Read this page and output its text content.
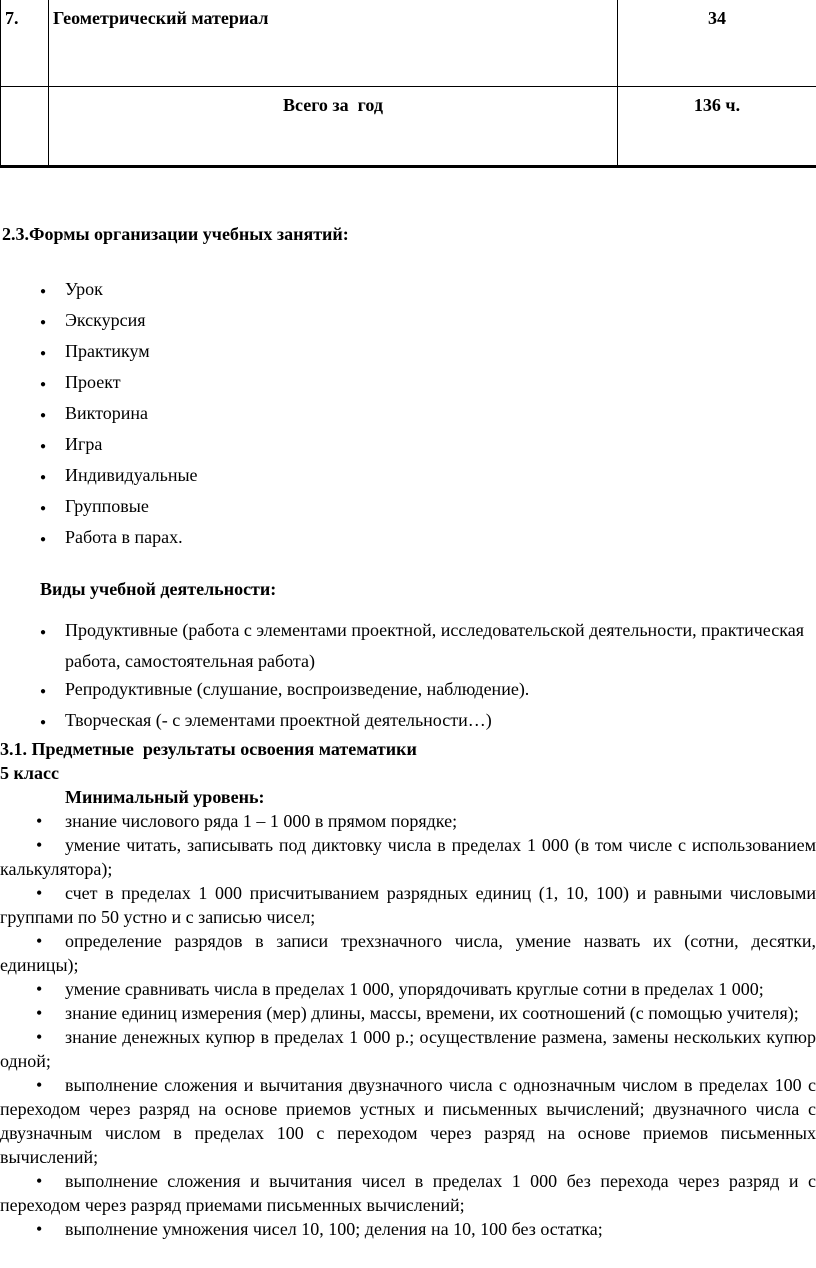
7.	Геометрический материал	34
	Всего за  год	136 ч.
2.3.Формы организации учебных занятий:
● Урок
● Экскурсия
● Практикум
● Проект
● Викторина
● Игра
● Индивидуальные
● Групповые
● Работа в парах.
Виды учебной деятельности:
● Продуктивные (работа с элементами проектной, исследовательской деятельности, практическая работа, самостоятельная работа)
● Репродуктивные (слушание, воспроизведение, наблюдение).
● Творческая (- с элементами проектной деятельности…)

3.1. Предметные  результаты освоения математики

5 класс

Минимальный уровень:

• знание числового ряда 1 – 1 000 в прямом порядке;

• умение читать, записывать под диктовку числа в пределах 1 000 (в том числе с использованием калькулятора);

• счет в пределах 1 000 присчитыванием разрядных единиц (1, 10, 100) и равными числовыми группами по 50 устно и с записью чисел;

• определение разрядов в записи трехзначного числа, умение назвать их (сотни, десятки, единицы);

• умение сравнивать числа в пределах 1 000, упорядочивать круглые сотни в пределах 1 000;

• знание единиц измерения (мер) длины, массы, времени, их соотношений (с помощью учителя);

• знание денежных купюр в пределах 1 000 р.; осуществление размена, замены нескольких купюр одной;

• выполнение сложения и вычитания двузначного числа с однозначным числом в пределах 100 с переходом через разряд на основе приемов устных и письменных вычислений; двузначного числа с двузначным числом в пределах 100 с переходом через разряд на основе приемов письменных вычислений;

• выполнение сложения и вычитания чисел в пределах 1 000 без перехода через разряд и с переходом через разряд приемами письменных вычислений;

• выполнение умножения чисел 10, 100; деления на 10, 100 без остатка;
